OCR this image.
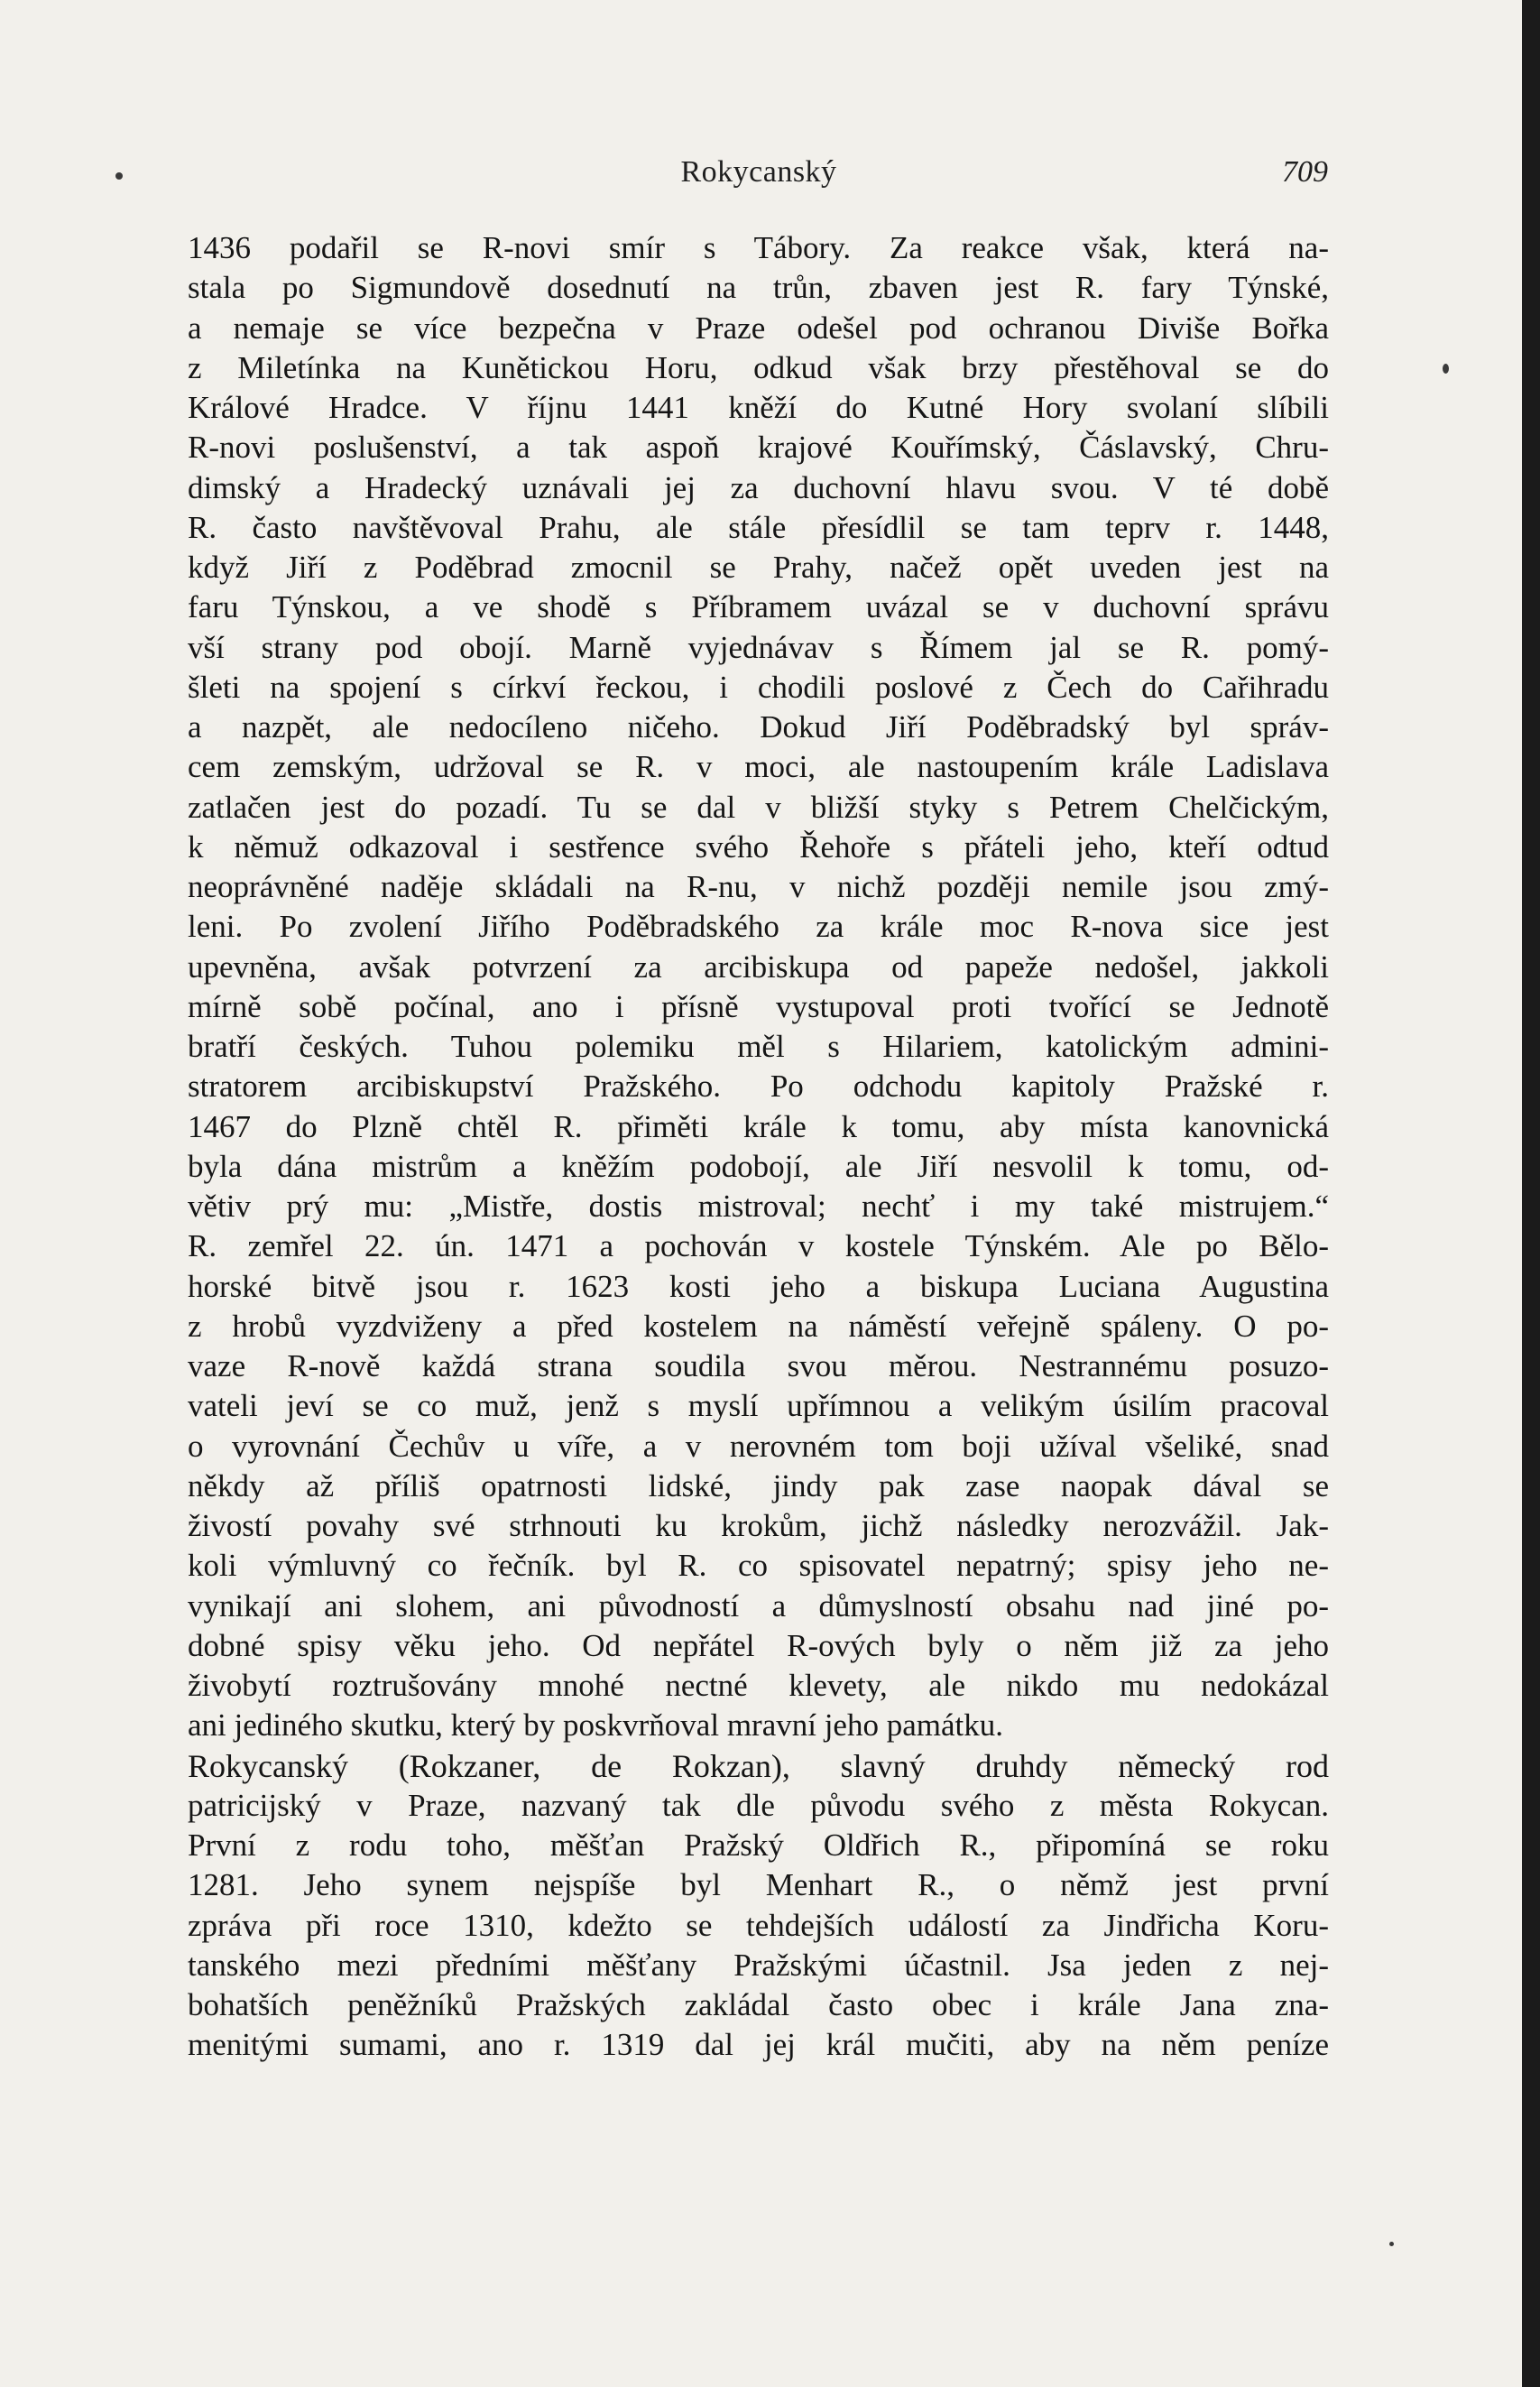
Rokycanský	709
1436 podařil se R-novi smír s Tábory. Za reakce však, která na-
stala po Sigmundově dosednutí na trůn, zbaven jest R. fary Týnské,
a nemaje se více bezpečna v Praze odešel pod ochranou Diviše Bořka
z Miletínka na Kunětickou Horu, odkud však brzy přestěhoval se do
Králové Hradce. V říjnu 1441 kněží do Kutné Hory svolaní slíbili
R-novi poslušenství, a tak aspoň krajové Kouřímský, Čáslavský, Chru-
dimský a Hradecký uznávali jej za duchovní hlavu svou. V té době
R. často navštěvoval Prahu, ale stále přesídlil se tam teprv r. 1448,
když Jiří z Poděbrad zmocnil se Prahy, načež opět uveden jest na
faru Týnskou, a ve shodě s Příbramem uvázal se v duchovní správu
vší strany pod obojí. Marně vyjednávav s Římem jal se R. pomý-
šleti na spojení s církví řeckou, i chodili poslové z Čech do Cařihradu
a nazpět, ale nedocíleno ničeho. Dokud Jiří Poděbradský byl správ-
cem zemským, udržoval se R. v moci, ale nastoupením krále Ladislava
zatlačen jest do pozadí. Tu se dal v bližší styky s Petrem Chelčickým,
k němuž odkazoval i sestřence svého Řehoře s přáteli jeho, kteří odtud
neoprávněné naděje skládali na R-nu, v nichž později nemile jsou zmý-
leni. Po zvolení Jiřího Poděbradského za krále moc R-nova sice jest
upevněna, avšak potvrzení za arcibiskupa od papeže nedošel, jakkoli
mírně sobě počínal, ano i přísně vystupoval proti tvořící se Jednotě
bratří českých. Tuhou polemiku měl s Hilariem, katolickým admini-
stratorem arcibiskupství Pražského. Po odchodu kapitoly Pražské r.
1467 do Plzně chtěl R. přiměti krále k tomu, aby místa kanovnická
byla dána mistrům a kněžím podobojí, ale Jiří nesvolil k tomu, od-
větiv prý mu: „Mistře, dostis mistroval; nechť i my také mistrujem.“
R. zemřel 22. ún. 1471 a pochován v kostele Týnském. Ale po Bělo-
horské bitvě jsou r. 1623 kosti jeho a biskupa Luciana Augustina
z hrobů vyzdviženy a před kostelem na náměstí veřejně spáleny. O po-
vaze R-nově každá strana soudila svou měrou. Nestrannému posuzo-
vateli jeví se co muž, jenž s myslí upřímnou a velikým úsilím pracoval
o vyrovnání Čechův u víře, a v nerovném tom boji užíval všeliké, snad
někdy až příliš opatrnosti lidské, jindy pak zase naopak dával se
živostí povahy své strhnouti ku krokům, jichž následky nerozvážil. Jak-
koli výmluvný co řečník. byl R. co spisovatel nepatrný; spisy jeho ne-
vynikají ani slohem, ani původností a důmyslností obsahu nad jiné po-
dobné spisy věku jeho. Od nepřátel R-ových byly o něm již za jeho
živobytí roztrušovány mnohé nectné klevety, ale nikdo mu nedokázal
ani jediného skutku, který by poskvrňoval mravní jeho památku.
Rokycanský (Rokzaner, de Rokzan), slavný druhdy německý rod
patricijský v Praze, nazvaný tak dle původu svého z města Rokycan.
První z rodu toho, měšťan Pražský Oldřich R., připomíná se roku
1281. Jeho synem nejspíše byl Menhart R., o němž jest první
zpráva při roce 1310, kdežto se tehdejších událostí za Jindřicha Koru-
tanského mezi předními měšťany Pražskými účastnil. Jsa jeden z nej-
bohatších peněžníků Pražských zakládal často obec i krále Jana zna-
menitými sumami, ano r. 1319 dal jej král mučiti, aby na něm peníze
